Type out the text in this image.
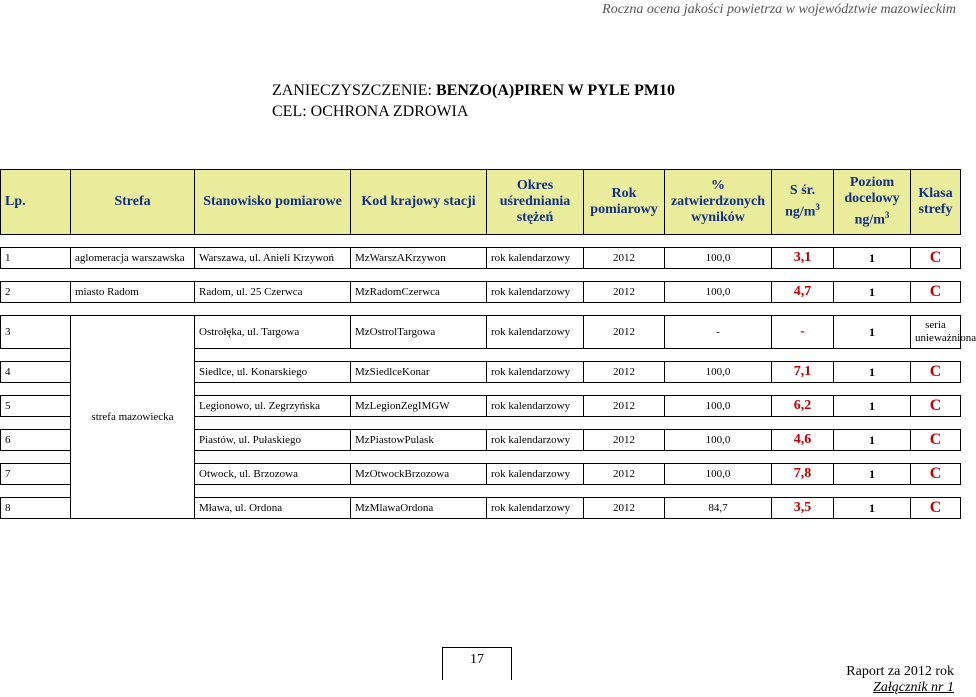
Roczna ocena jakości powietrza w województwie mazowieckim
ZANIECZYSZCZENIE: BENZO(A)PIREN W PYLE PM10
CEL: OCHRONA ZDROWIA
Lp.	Strefa	Stanowisko pomiarowe	Kod krajowy stacji	Okres uśredniania stężeń	Rok pomiarowy	% zatwierdzonych wyników	S śr. $ng/m^3$	Poziom docelowy $ng/m^3$	Klasa strefy

1	aglomeracja warszawska	Warszawa, ul. Anieli Krzywoń	MzWarszAKrzywon	rok kalendarzowy	2012	100,0	3,1	1	C

2	miasto Radom	Radom, ul. 25 Czerwca	MzRadomCzerwca	rok kalendarzowy	2012	100,0	4,7	1	C

3	strefa mazowiecka	Ostrołęka, ul. Targowa	MzOstrolTargowa	rok kalendarzowy	2012	-	-	1	seria unieważniona

4		Siedlce, ul. Konarskiego	MzSiedlceKonar	rok kalendarzowy	2012	100,0	7,1	1	C

5		Legionowo, ul. Zegrzyńska	MzLegionZegIMGW	rok kalendarzowy	2012	100,0	6,2	1	C

6		Piastów, ul. Pułaskiego	MzPiastowPulask	rok kalendarzowy	2012	100,0	4,6	1	C

7		Otwock, ul. Brzozowa	MzOtwockBrzozowa	rok kalendarzowy	2012	100,0	7,8	1	C

8		Mława, ul. Ordona	MzMlawaOrdona	rok kalendarzowy	2012	84,7	3,5	1	C
17
Raport za 2012 rok
Załącznik nr 1
